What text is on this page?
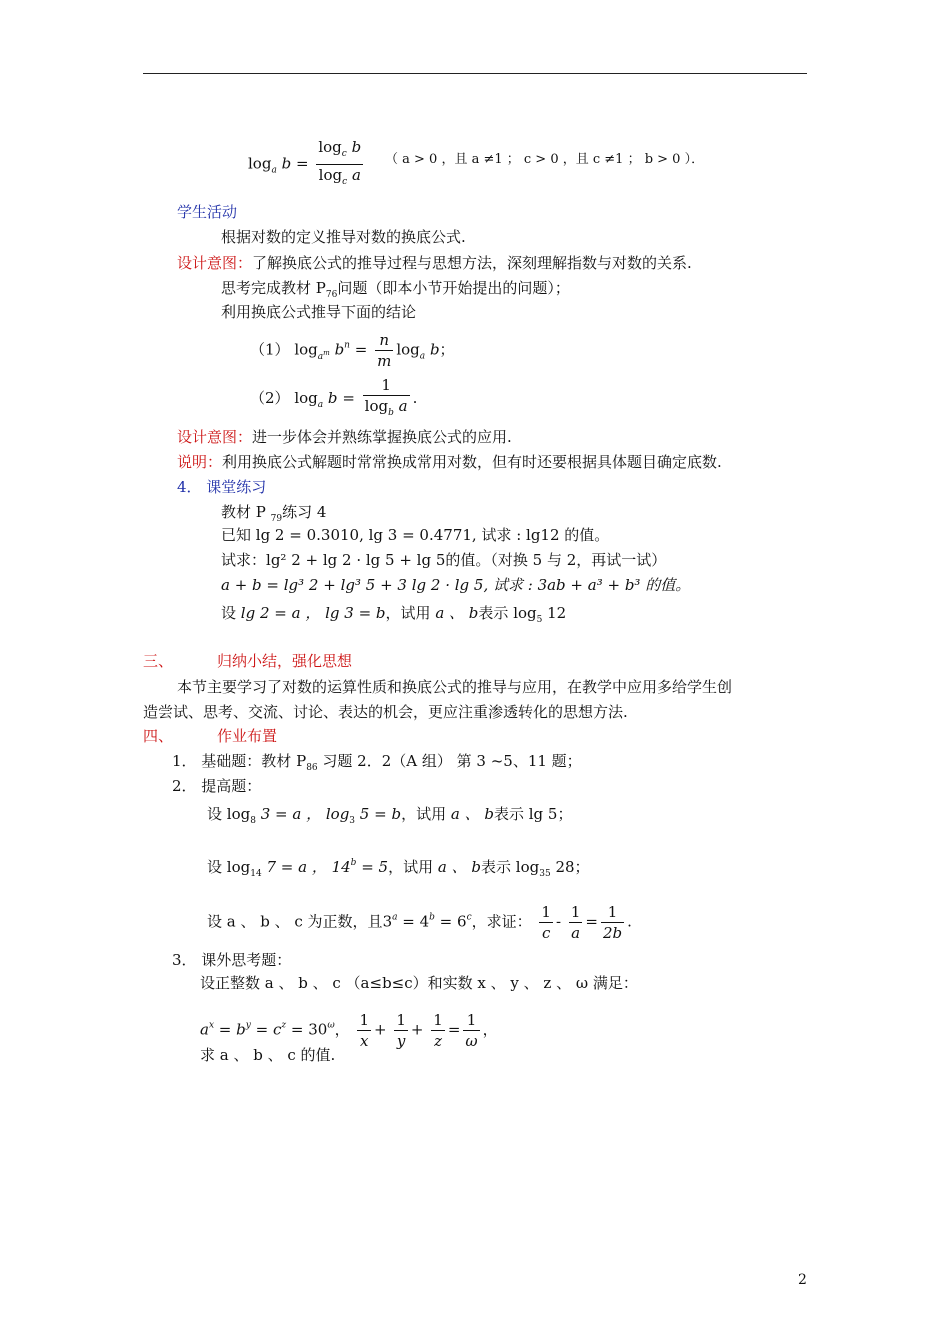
$\log_a b = \frac{\log_c b}{\log_c a}$ （ a > 0 ，且 a ≠1 ； c > 0 ，且 c ≠1 ； b > 0 ）．
学生活动
根据对数的定义推导对数的换底公式.
设计意图：了解换底公式的推导过程与思想方法，深刻理解指数与对数的关系.
思考完成教材 $P_{76}$问题（即本小节开始提出的问题）；
利用换底公式推导下面的结论
（1） $\log_{a^m} b^n = \frac{n}{m} \log_a b$；
（2） $\log_a b = \frac{1}{\log_b a}$ .
设计意图：进一步体会并熟练掌握换底公式的应用.
说明：利用换底公式解题时常常换成常用对数，但有时还要根据具体题目确定底数.
4． 课堂练习
教材 P $_{79}$练习 4
已知 lg 2 = 0.3010, lg 3 = 0.4771, 试求 : lg12 的值。
试求：lg² 2 + lg 2 · lg 5 + lg 5的值。（对换 5 与 2，再试一试）
a + b = lg³ 2 + lg³ 5 + 3 lg 2 · lg 5, 试求 : 3ab + a³ + b³ 的值。
设 lg 2 = a ， lg 3 = b，试用 a 、 b表示 $\log_5 12$
三、	归纳小结，强化思想
本节主要学习了对数的运算性质和换底公式的推导与应用，在教学中应用多给学生创
造尝试、思考、交流、讨论、表达的机会，更应注重渗透转化的思想方法.
四、	作业布置
1． 基础题：教材 $P_{86}$ 习题 2．2（A 组） 第 3 ~5、11 题；
2． 提高题：
设 $\log_8 3 = a$ ， $\log_3 5 = b$，试用 a 、 b表示 lg 5；
设 $\log_{14} 7 = a$ ， $14^b = 5$，试用 a 、 b表示 $\log_{35} 28$；
设 a 、 b 、 c 为正数，且$3^a = 4^b = 6^c$，求证： $\frac{1}{c} - \frac{1}{a} = \frac{1}{2b}$ .
3． 课外思考题：
设正整数 a 、 b 、 c （a≤b≤c）和实数 x 、 y 、 z 、 ω 满足：
$a^x = b^y = c^z = 30^\omega$， $\frac{1}{x} + \frac{1}{y} + \frac{1}{z} = \frac{1}{\omega}$ ，
求 a 、 b 、 c 的值.
2
